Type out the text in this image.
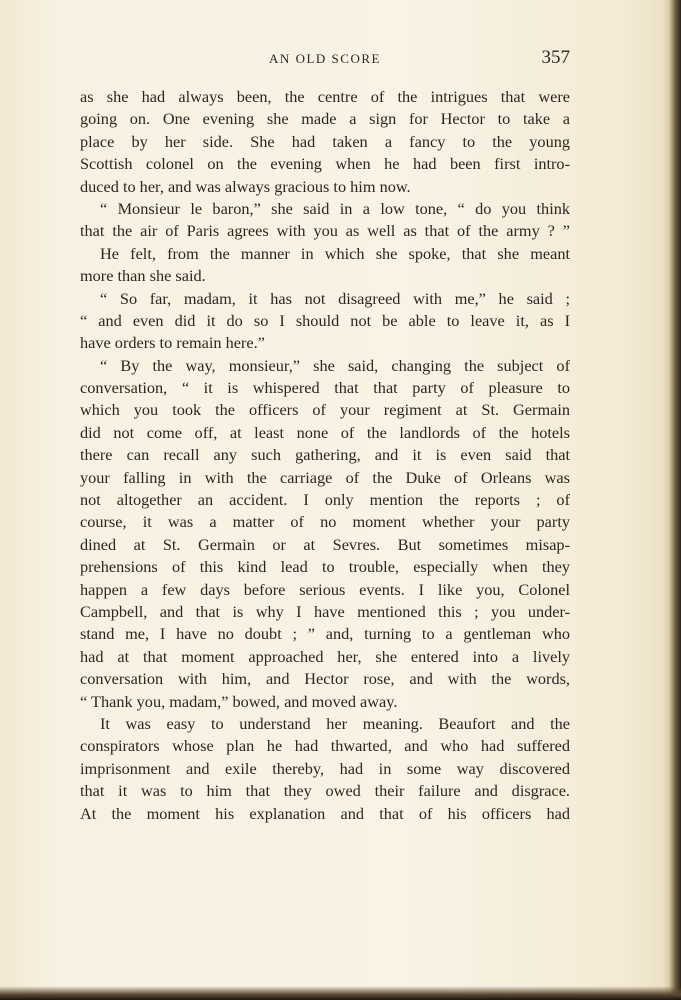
AN OLD SCORE	357
as she had always been, the centre of the intrigues that were
going on. One evening she made a sign for Hector to take a
place by her side. She had taken a fancy to the young
Scottish colonel on the evening when he had been first intro-
duced to her, and was always gracious to him now.
“ Monsieur le baron,” she said in a low tone, “ do you think
that the air of Paris agrees with you as well as that of the army ? ”
He felt, from the manner in which she spoke, that she meant
more than she said.
“ So far, madam, it has not disagreed with me,” he said ;
“ and even did it do so I should not be able to leave it, as I
have orders to remain here.”
“ By the way, monsieur,” she said, changing the subject of
conversation, “ it is whispered that that party of pleasure to
which you took the officers of your regiment at St. Germain
did not come off, at least none of the landlords of the hotels
there can recall any such gathering, and it is even said that
your falling in with the carriage of the Duke of Orleans was
not altogether an accident. I only mention the reports ; of
course, it was a matter of no moment whether your party
dined at St. Germain or at Sevres. But sometimes misap-
prehensions of this kind lead to trouble, especially when they
happen a few days before serious events. I like you, Colonel
Campbell, and that is why I have mentioned this ; you under-
stand me, I have no doubt ; ” and, turning to a gentleman who
had at that moment approached her, she entered into a lively
conversation with him, and Hector rose, and with the words,
“ Thank you, madam,” bowed, and moved away.
It was easy to understand her meaning. Beaufort and the
conspirators whose plan he had thwarted, and who had suffered
imprisonment and exile thereby, had in some way discovered
that it was to him that they owed their failure and disgrace.
At the moment his explanation and that of his officers had
